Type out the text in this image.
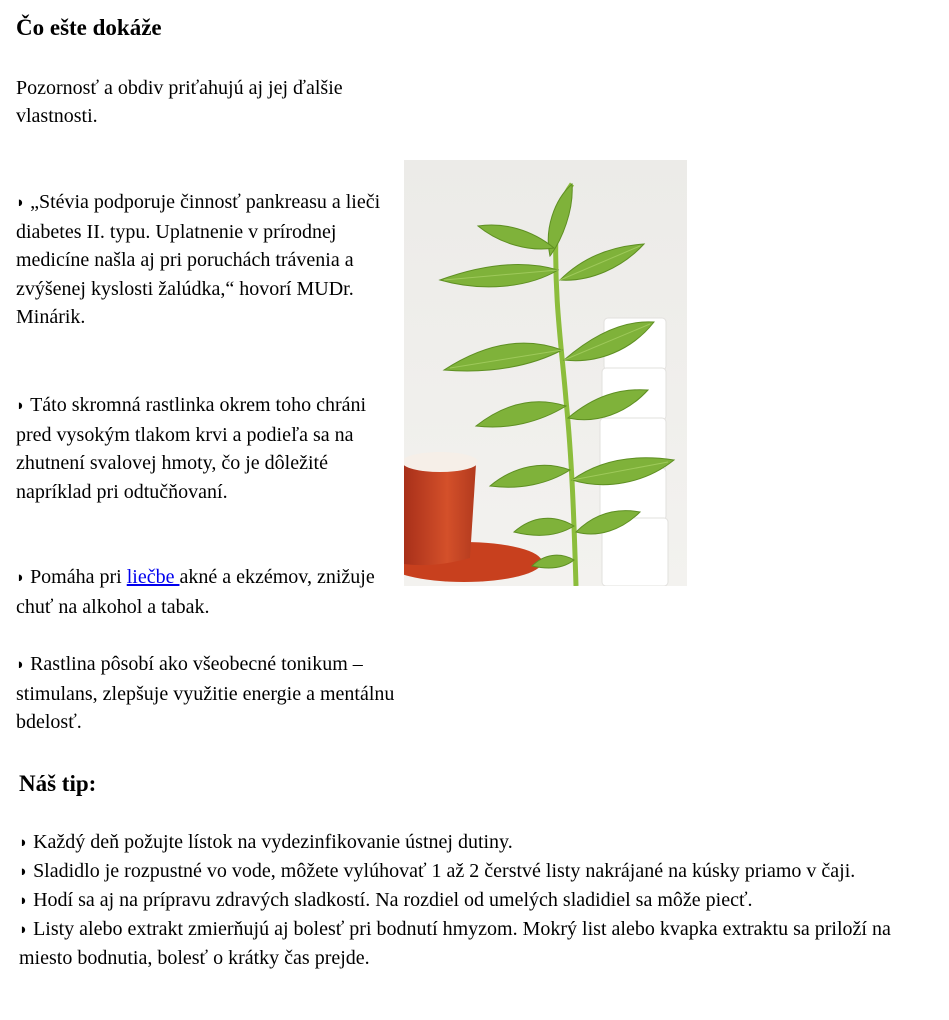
Čo ešte dokáže
Pozornosť a obdiv priťahujú aj jej ďalšie vlastnosti.
◗ „Stévia podporuje činnosť pankreasu a lieči diabetes II. typu. Uplatnenie v prírodnej medicíne našla aj pri poruchách trávenia a zvýšenej kyslosti žalúdka,“ hovorí MUDr. Minárik.
◗ Táto skromná rastlinka okrem toho chráni pred vysokým tlakom krvi a podieľa sa na zhutnení svalovej hmoty, čo je dôležité napríklad pri odtučňovaní.
◗ Pomáha pri liečbe akné a ekzémov, znižuje chuť na alkohol a tabak.
◗ Rastlina pôsobí ako všeobecné tonikum – stimulans, zlepšuje využitie energie a mentálnu bdelosť.
Náš tip:
◗ Každý deň požujte lístok na vydezinfikovanie ústnej dutiny.
◗ Sladidlo je rozpustné vo vode, môžete vylúhovať 1 až 2 čerstvé listy nakrájané na kúsky priamo v čaji.
◗ Hodí sa aj na prípravu zdravých sladkostí. Na rozdiel od umelých sladidiel sa môže piecť.
◗ Listy alebo extrakt zmierňujú aj bolesť pri bodnutí hmyzom. Mokrý list alebo kvapka extraktu sa priloží na miesto bodnutia, bolesť o krátky čas prejde.
